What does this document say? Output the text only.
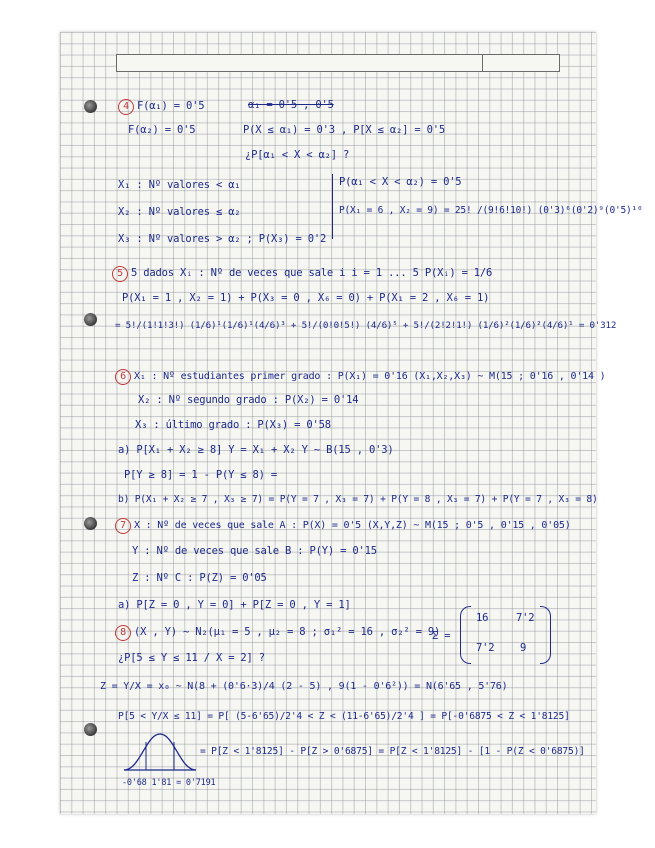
4 F(α₁) = 0'5	α₁ = 0'5 , 0'5
F(α₂) = 0'5	P(X ≤ α₁) = 0'3 , P[X ≤ α₂] = 0'5
¿P[α₁ < X < α₂] ?
X₁ : Nº valores < α₁	P(α₁ < X < α₂) = 0'5
X₂ : Nº valores ≤ α₂	P(X₁ = 6 , X₂ = 9) = 25! /(9!6!10!) (0'3)⁶(0'2)⁹(0'5)¹⁰
X₃ : Nº valores > α₂ ; P(X₃) = 0'2
5 5 dados Xᵢ : Nº de veces que sale i i = 1 ... 5 P(Xᵢ) = 1/6
P(X₁ = 1 , X₂ = 1) + P(X₃ = 0 , X₆ = 0) + P(X₁ = 2 , X₆ = 1)
= 5!/(1!1!3!) (1/6)¹(1/6)¹(4/6)³ + 5!/(0!0!5!) (4/6)⁵ + 5!/(2!2!1!) (1/6)²(1/6)²(4/6)¹ = 0'312
6 X₁ : Nº estudiantes primer grado : P(X₁) = 0'16 (X₁,X₂,X₃) ~ M(15 ; 0'16 , 0'14 )
X₂ : Nº segundo grado : P(X₂) = 0'14
X₃ : último grado : P(X₃) = 0'58
a) P[X₁ + X₂ ≥ 8] Y = X₁ + X₂ Y ~ B(15 , 0'3)
P[Y ≥ 8] = 1 - P(Y ≤ 8) =
b) P(X₁ + X₂ ≥ 7 , X₃ ≥ 7) = P(Y = 7 , X₃ = 7) + P(Y = 8 , X₃ = 7) + P(Y = 7 , X₃ = 8)
7 X : Nº de veces que sale A : P(X) = 0'5 (X,Y,Z) ~ M(15 ; 0'5 , 0'15 , 0'05)
Y : Nº de veces que sale B : P(Y) = 0'15
Z : Nº C : P(Z) = 0'05
a) P[Z = 0 , Y = 0] + P[Z = 0 , Y = 1]
8 (X , Y) ~ N₂(μ₁ = 5 , μ₂ = 8 ; σ₁² = 16 , σ₂² = 9)
Σ =
16	7'2
7'2 9
¿P[5 ≤ Y ≤ 11 / X = 2] ?
Z = Y/X = x₀ ~ N(8 + (0'6·3)/4 (2 - 5) , 9(1 - 0'6²)) = N(6'65 , 5'76)
P[5 < Y/X ≤ 11] = P[ (5-6'65)/2'4 < Z < (11-6'65)/2'4 ] = P[-0'6875 < Z < 1'8125]
= P[Z < 1'8125] - P[Z > 0'6875] = P[Z < 1'8125] - [1 - P(Z < 0'6875)]
-0'68 1'81 = 0'7191
